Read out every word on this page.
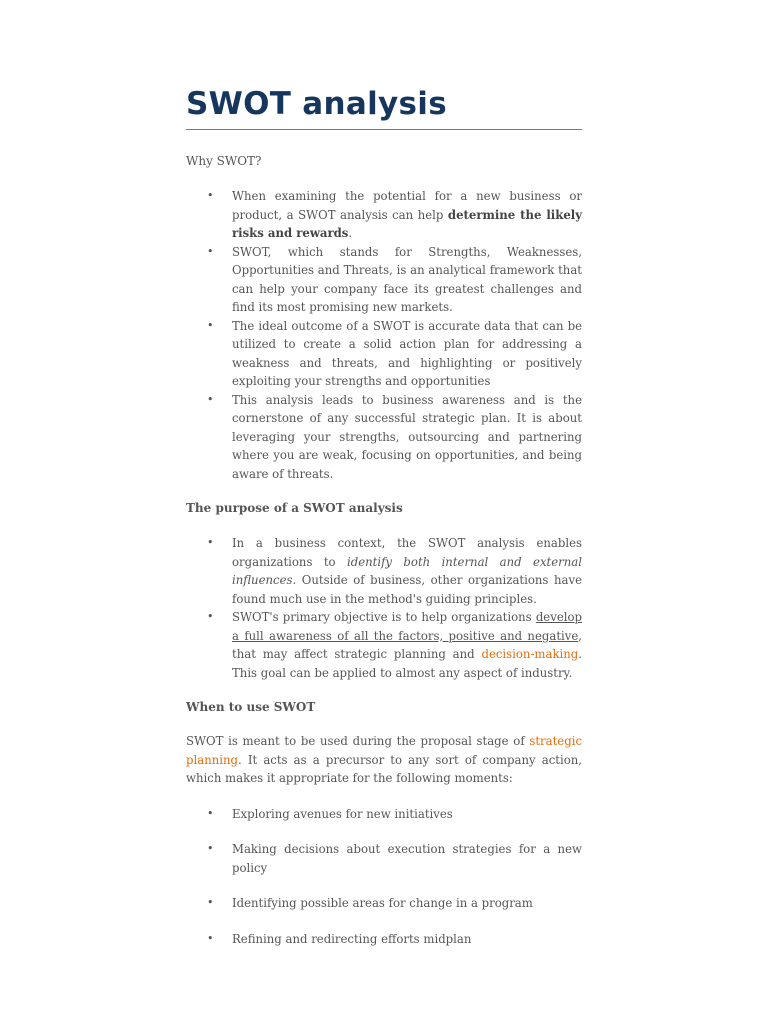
SWOT analysis

Why SWOT?

• When examining the potential for a new business or product, a SWOT analysis can help determine the likely risks and rewards.
• SWOT, which stands for Strengths, Weaknesses, Opportunities and Threats, is an analytical framework that can help your company face its greatest challenges and find its most promising new markets.
• The ideal outcome of a SWOT is accurate data that can be utilized to create a solid action plan for addressing a weakness and threats, and highlighting or positively exploiting your strengths and opportunities
• This analysis leads to business awareness and is the cornerstone of any successful strategic plan. It is about leveraging your strengths, outsourcing and partnering where you are weak, focusing on opportunities, and being aware of threats.

The purpose of a SWOT analysis

• In a business context, the SWOT analysis enables organizations to identify both internal and external influences. Outside of business, other organizations have found much use in the method's guiding principles.
• SWOT's primary objective is to help organizations develop a full awareness of all the factors, positive and negative, that may affect strategic planning and decision-making. This goal can be applied to almost any aspect of industry.

When to use SWOT

SWOT is meant to be used during the proposal stage of strategic planning. It acts as a precursor to any sort of company action, which makes it appropriate for the following moments:

• Exploring avenues for new initiatives
• Making decisions about execution strategies for a new policy
• Identifying possible areas for change in a program
• Refining and redirecting efforts midplan
